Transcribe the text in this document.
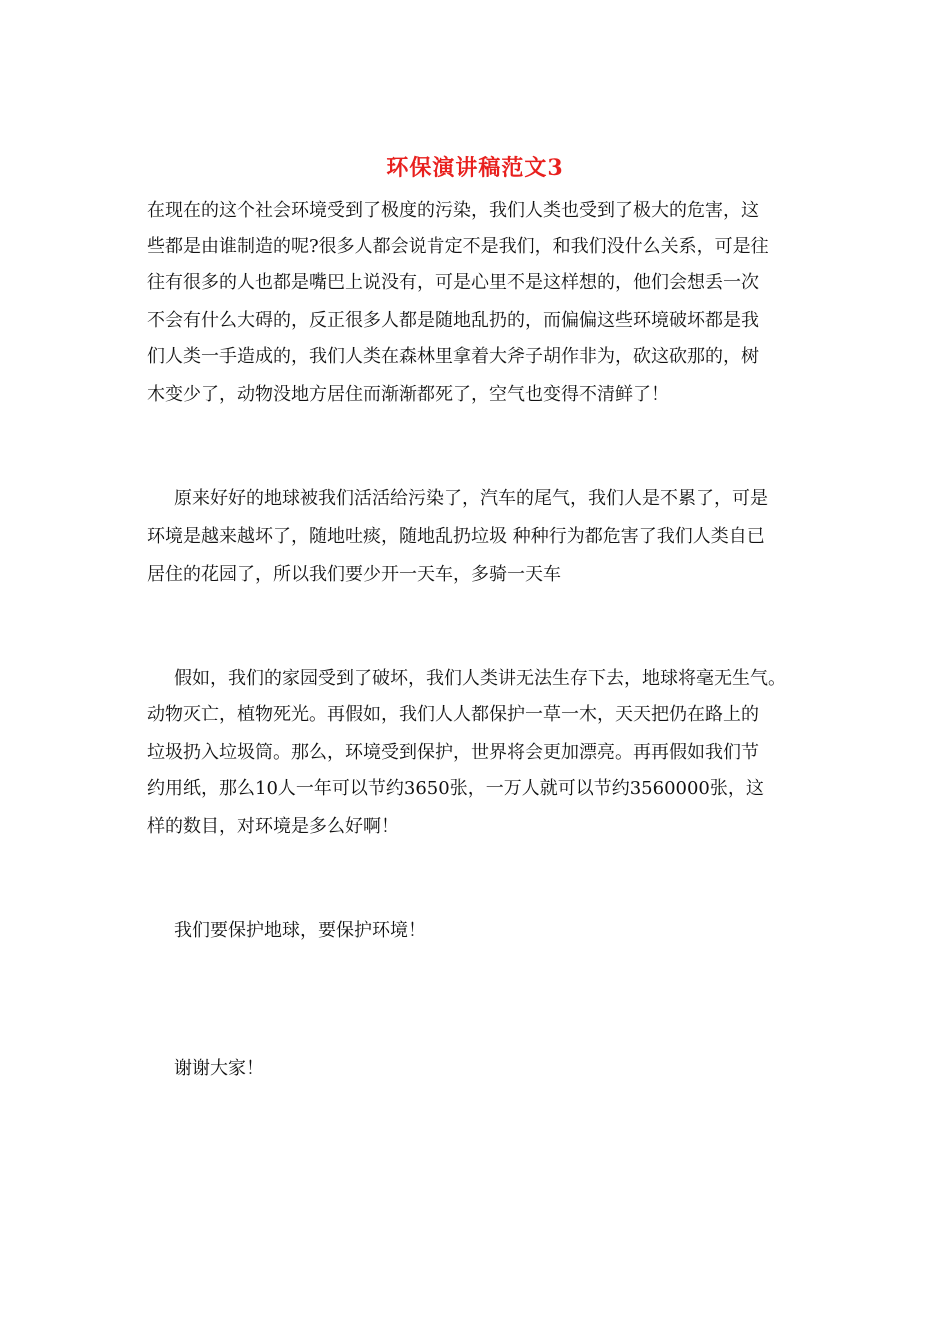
环保演讲稿范文3
在现在的这个社会环境受到了极度的污染，我们人类也受到了极大的危害，这
些都是由谁制造的呢?很多人都会说肯定不是我们，和我们没什么关系，可是往
往有很多的人也都是嘴巴上说没有，可是心里不是这样想的，他们会想丢一次
不会有什么大碍的，反正很多人都是随地乱扔的，而偏偏这些环境破坏都是我
们人类一手造成的，我们人类在森林里拿着大斧子胡作非为，砍这砍那的，树
木变少了，动物没地方居住而渐渐都死了，空气也变得不清鲜了！
原来好好的地球被我们活活给污染了，汽车的尾气，我们人是不累了，可是
环境是越来越坏了，随地吐痰，随地乱扔垃圾 种种行为都危害了我们人类自已
居住的花园了，所以我们要少开一天车，多骑一天车
假如，我们的家园受到了破坏，我们人类讲无法生存下去，地球将毫无生气。
动物灭亡，植物死光。再假如，我们人人都保护一草一木，天天把仍在路上的
垃圾扔入垃圾筒。那么，环境受到保护，世界将会更加漂亮。再再假如我们节
约用纸，那么10人一年可以节约3650张，一万人就可以节约3560000张，这
样的数目，对环境是多么好啊！
我们要保护地球，要保护环境！
谢谢大家！
